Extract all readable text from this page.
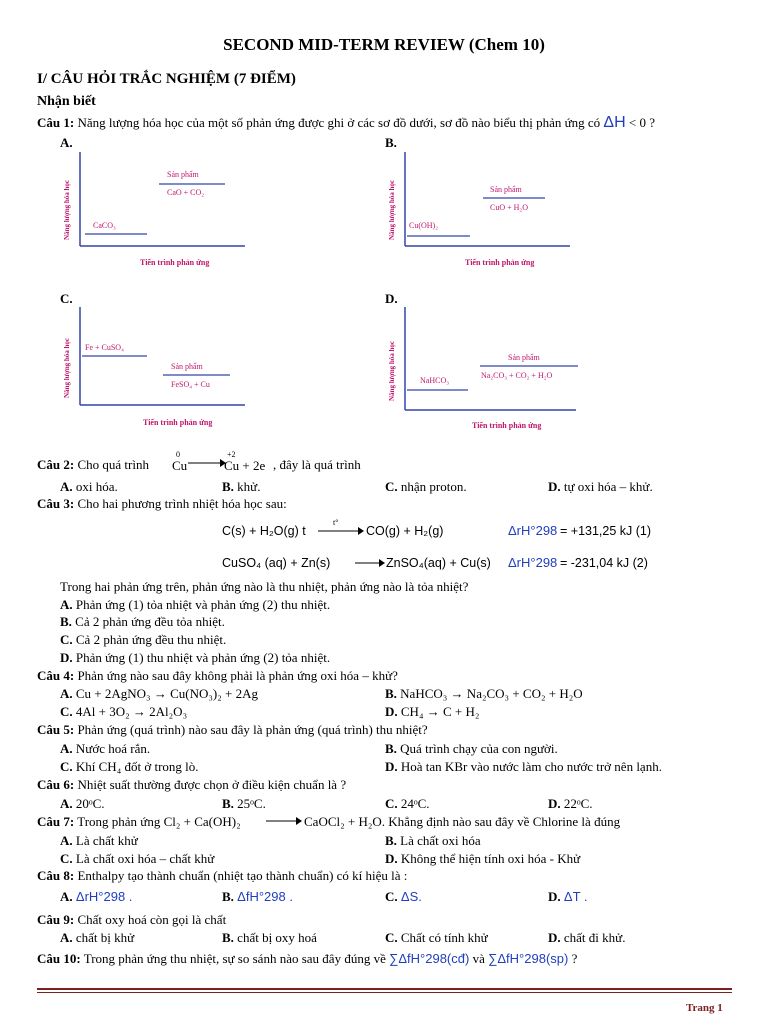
SECOND MID-TERM REVIEW (Chem 10)
I/ CÂU HỎI TRẮC NGHIỆM (7 ĐIỂM)
Nhận biết
Câu 1: Năng lượng hóa học của một số phản ứng được ghi ở các sơ đồ dưới, sơ đồ nào biểu thị phản ứng có ΔH < 0 ?
A.	B.
C.	D.
Năng lượng hóa học
Tiến trình phản ứng
CaCO₃
Sản phẩm
CaO + CO₂	Năng lượng hóa học
Tiến trình phản ứng
Cu(OH)₂
Sản phẩm
CuO + H₂O
Năng lượng hóa học
Tiến trình phản ứng
Fe + CuSO₄
Sản phẩm
FeSO₄ + Cu	Năng lượng hóa học
Tiến trình phản ứng
NaHCO₃
Sản phẩm
Na₂CO₃ + CO₂ + H₂O
Câu 2: Cho quá trình
0
Cu →
+2
Cu + 2e , đây là quá trình
A. oxi hóa.	B. khử.	C. nhận proton.	D. tự oxi hóa – khử.
Câu 3: Cho hai phương trình nhiệt hóa học sau:
C(s) + H₂O(g) t
t°
CO(g) + H₂(g)	ΔrH°298 = +131,25 kJ (1)
CuSO₄ (aq) + Zn(s)	ZnSO₄(aq) + Cu(s) ΔrH°298 = -231,04 kJ (2)
Trong hai phản ứng trên, phản ứng nào là thu nhiệt, phản ứng nào là tỏa nhiệt?
A. Phản ứng (1) tỏa nhiệt và phản ứng (2) thu nhiệt.
B. Cả 2 phản ứng đều tỏa nhiệt.
C. Cả 2 phản ứng đều thu nhiệt.
D. Phản ứng (1) thu nhiệt và phản ứng (2) tỏa nhiệt.
Câu 4: Phản ứng nào sau đây không phải là phản ứng oxi hóa – khử?
A. Cu + 2AgNO₃ → Cu(NO₃)₂ + 2Ag	B. NaHCO₃ → Na₂CO₃ + CO₂ + H₂O
C. 4Al + 3O₂ → 2Al₂O₃	D. CH₄ → C + H₂
Câu 5: Phản ứng (quá trình) nào sau đây là phản ứng (quá trình) thu nhiệt?
A. Nước hoá rắn.	B. Quá trình chạy của con người.
C. Khí CH₄ đốt ở trong lò.	D. Hoà tan KBr vào nước làm cho nước trở nên lạnh.
Câu 6: Nhiệt suất thường được chọn ở điều kiện chuẩn là ?
A. 20ᵒC.	B. 25ᵒC.	C. 24ᵒC.	D. 22ᵒC.
Câu 7: Trong phản ứng Cl₂ + Ca(OH)₂ → CaOCl₂ + H₂O. Khẳng định nào sau đây về Chlorine là đúng
A. Là chất khử	B. Là chất oxi hóa
C. Là chất oxi hóa – chất khử	D. Không thể hiện tính oxi hóa - Khử
Câu 8: Enthalpy tạo thành chuẩn (nhiệt tạo thành chuẩn) có kí hiệu là :
A. ΔrH°298 .	B. ΔfH°298 .	C. ΔS.	D. ΔT .
Câu 9: Chất oxy hoá còn gọi là chất
A. chất bị khử	B. chất bị oxy hoá	C. Chất có tính khử	D. chất đi khử.
Câu 10: Trong phản ứng thu nhiệt, sự so sánh nào sau đây đúng về ∑ΔfH°298(cđ) và ∑ΔfH°298(sp) ?
Trang 1
